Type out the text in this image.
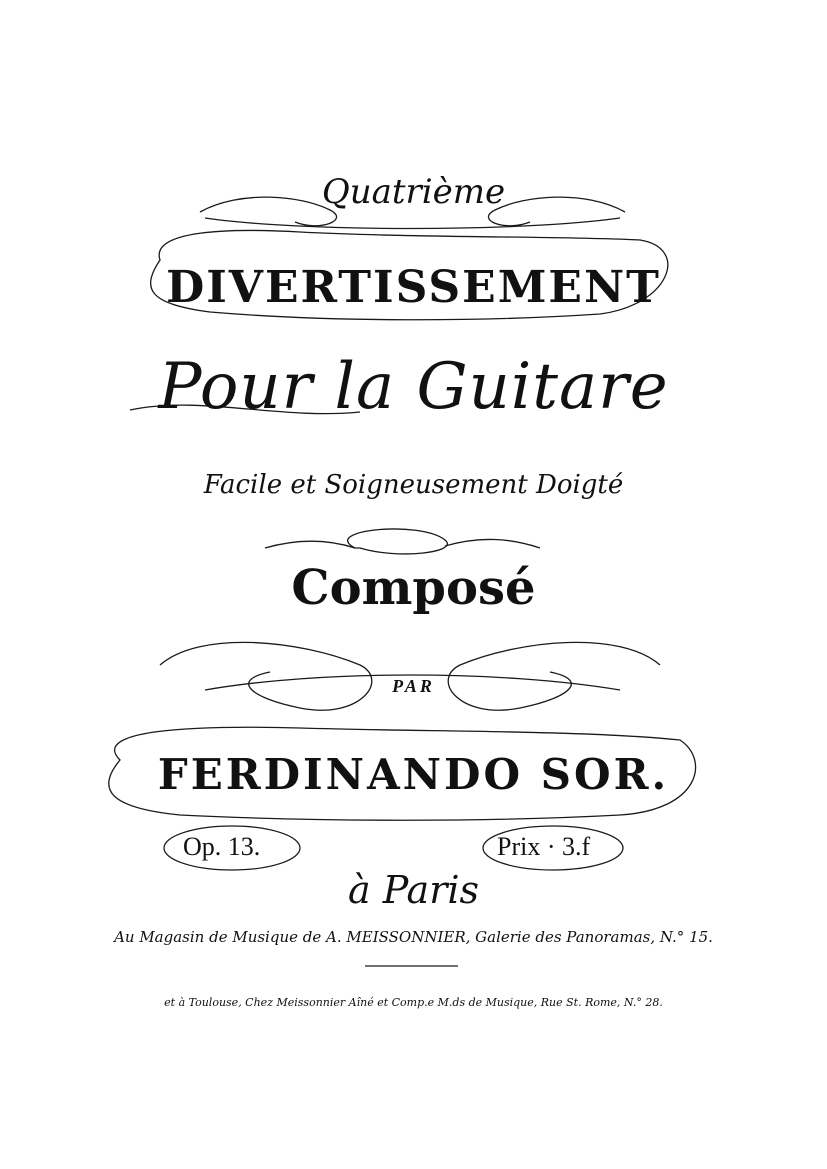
Quatrième
DIVERTISSEMENT
Pour la Guitare
Facile et Soigneusement Doigté
Composé
PAR
FERDINANDO SOR.
Op. 13.	Prix · 3.f
à Paris
Au Magasin de Musique de A. MEISSONNIER, Galerie des Panoramas, N.° 15.
et à Toulouse, Chez Meissonnier Aîné et Comp.e M.ds de Musique, Rue St. Rome, N.° 28.
